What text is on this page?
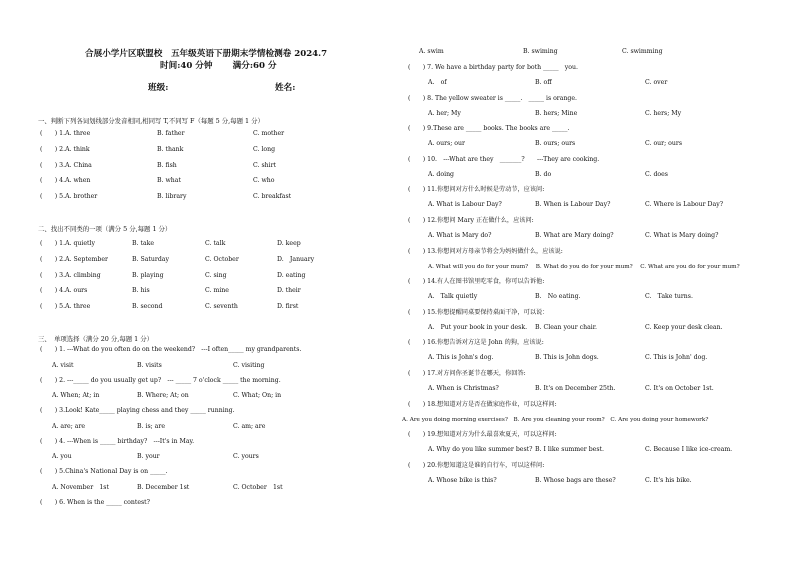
合展小学片区联盟校　五年级英语下册期末学情检测卷 2024.7
时间:40 分钟　　 满分:60 分
班级:	姓名:
一、判断下列各词划线部分发音相同,相同写 T,不同写 F（每题 5 分,每题 1 分）
(　　) 1.A. three	B. father	C. mother
(　　) 2.A. think	B. thank	C. long
(　　) 3.A. China	B. fish	C. shirt
(　　) 4.A. when	B. what	C. who
(　　) 5.A. brother	B. library	C. breakfast
二、找出不同类的一项（满分 5 分,每题 1 分）
(　　) 1.A. quietly	B. take	C. talk	D. keep
(　　) 2.A. September	B. Saturday	C. October	D.　January
(　　) 3.A. climbing	B. playing	C. sing	D. eating
(　　) 4.A. ours	B. his	C. mine	D. their
(　　) 5.A. three	B. second	C. seventh	D. first
三、　单项选择（满分 20 分,每题 1 分）
(　　) 1. ---What do you often do on the weekend?　---I often_____ my grandparents.
A. visit	B. visits	C. visiting
(　　) 2. ---_____ do you usually get up?　--- _____ 7 o'clock _____ the morning.
A. When; At; in	B. Where; At; on	C. What; On; in
(　　) 3.Look! Kate_____ playing chess and they _____ running.
A. are; are	B. is; are	C. am; are
(　　) 4. ---When is _____ birthday?　---It's in May.
A. you	B. your	C. yours
(　　) 5.China's National Day is on _____.
A. November　1st	B. December 1st	C. October　1st
(　　) 6. When is the _____ contest?
A. swim	B. swiming	C. swimming
(　　) 7. We have a birthday party for both _____　you.
A.　of	B. off	C. over
(　　) 8. The yellow sweater is _____.　_____ is orange.
A. her; My	B. hers; Mine	C. hers; My
(　　) 9.These are _____ books. The books are _____.
A. ours; our	B. ours; ours	C. our; ours
(　　) 10.　---What are they　_______?　　---They are cooking.
A. doing	B. do	C. does
(　　) 11.你想问对方什么时候是劳动节，应该问:
A. What is Labour Day?	B. When is Labour Day?	C. Where is Labour Day?
(　　) 12.你想问 Mary 正在做什么，应该问:
A. What is Mary do?	B. What are Mary doing?	C. What is Mary doing?
(　　) 13.你想问对方母亲节将会为妈妈做什么，应该说:
A. What will you do for your mum?　 B. What do you do for your mum?　 C. What are you do for your mum?
(　　) 14.有人在图书馆里吃零食，你可以告诉他:
A.　Talk quietly	B.　No eating.	C.　Take turns.
(　　) 15.你想提醒同桌要保持桌面干净，可以说：
A.　Put your book in your desk. B. Clean your chair.	C. Keep your desk clean.
(　　) 16.你想告诉对方这是 John 的狗，应该说:
A. This is John's dog.	B. This is John dogs.	C. This is John' dog.
(　　) 17.对方问你圣诞节在哪天，你回答:
A. When is Christmas?	B. It's on December 25th.	C. It's on October 1st.
(　　) 18.想知道对方是否在做家庭作业，可以这样问:
A. Are you doing morning exercises?　B. Are you cleaning your room?　C. Are you doing your homework?
(　　) 19.想知道对方为什么最喜欢夏天，可以这样问:
A. Why do you like summer best? B. I like summer best.	C. Because I like ice-cream.
(　　) 20.你想知道这是谁的自行车，可以这样问:
A. Whose bike is this?	B. Whose bags are these?	C. It's his bike.
